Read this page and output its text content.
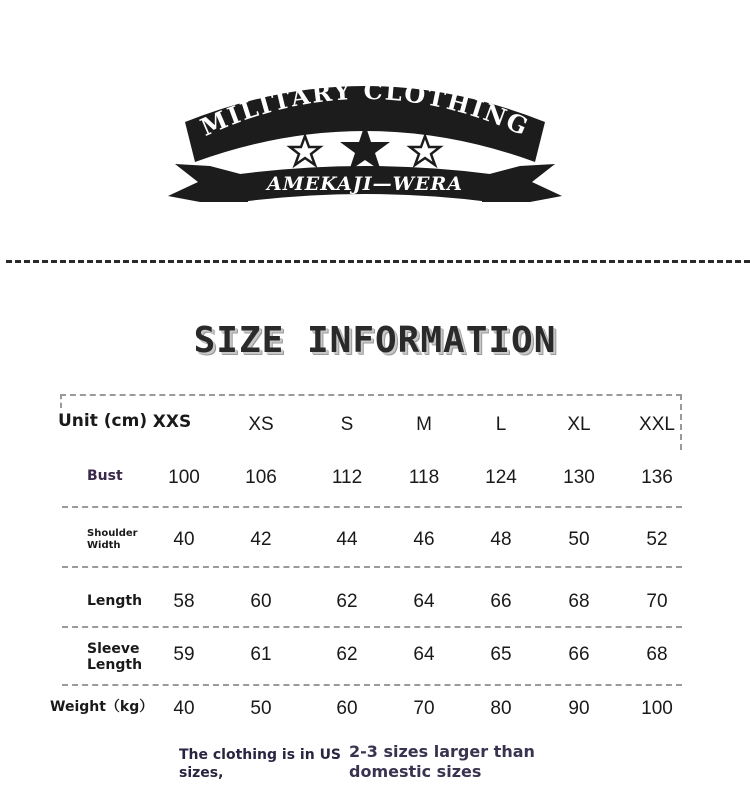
MILITARY CLOTHING
AMEKAJI—WERA
SIZE INFORMATION
Unit (cm) XXS	XS	S	M	L	XL	XXL
Bust 100 106	112 118 124 130 136
Shoulder
Width	40	42	44	46	48	50	52
Length 58	60	62	64	66	68	70
Sleeve
Length 59	61	62	64	65	66	68
Weight（kg） 40	50	60	70	80	90	100
The clothing is in US sizes,
2-3 sizes larger than domestic sizes
